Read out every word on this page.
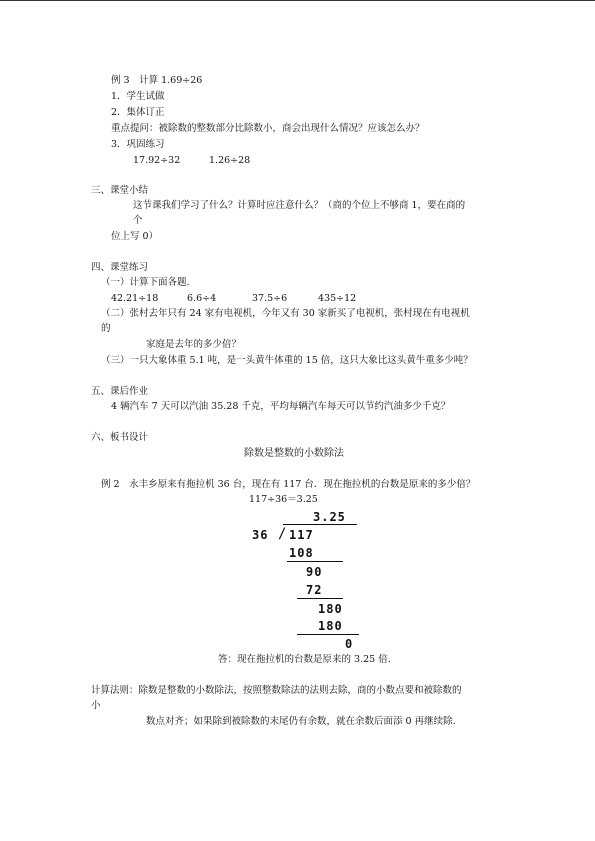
例 3　计算 1.69÷26
1．学生试做
2．集体订正
重点提问：被除数的整数部分比除数小，商会出现什么情况？应该怎么办？
3．巩固练习
17.92÷32	1.26÷28
三、课堂小结
这节课我们学习了什么？计算时应注意什么？（商的个位上不够商 1，要在商的
个
位上写 0）
四、课堂练习
（一）计算下面各题.
42.21÷18	6.6÷4	37.5÷6	435÷12
（二）张村去年只有 24 家有电视机，今年又有 30 家新买了电视机，张村现在有电视机
的
家庭是去年的多少倍？
（三）一只大象体重 5.1 吨，是一头黄牛体重的 15 倍，这只大象比这头黄牛重多少吨？
五、课后作业
4 辆汽车 7 天可以汽油 35.28 千克，平均每辆汽车每天可以节约汽油多少千克？
六、板书设计
除数是整数的小数除法
例 2　永丰乡原来有拖拉机 36 台，现在有 117 台．现在拖拉机的台数是原来的多少倍？
117÷36＝3.25
3.25
36 / 117
108
90
72
180
180
0
答：现在拖拉机的台数是原来的 3.25 倍.
计算法则：除数是整数的小数除法，按照整数除法的法则去除，商的小数点要和被除数的
小
数点对齐；如果除到被除数的末尾仍有余数，就在余数后面添 0 再继续除.
